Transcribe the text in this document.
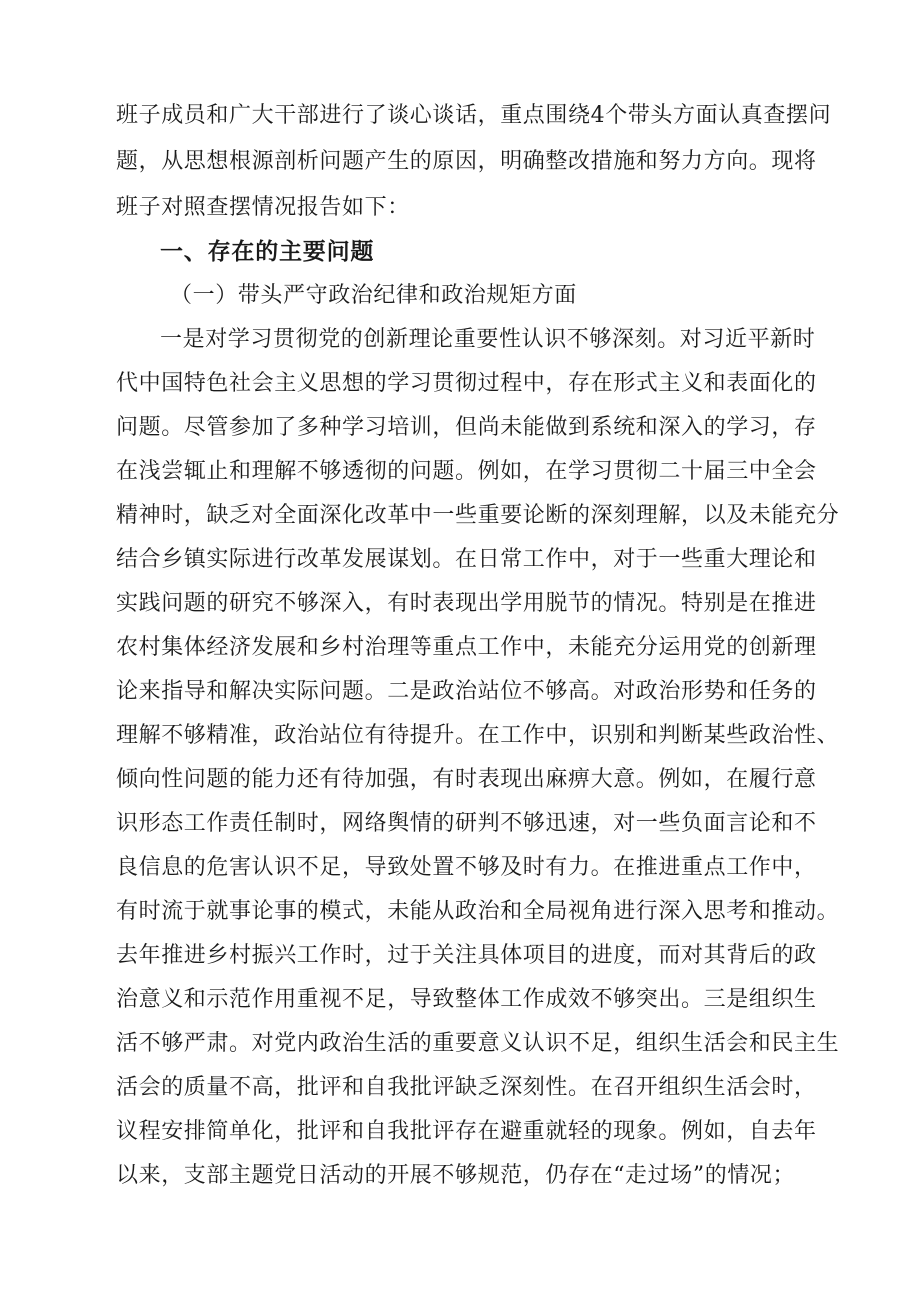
班子成员和广大干部进行了谈心谈话，重点围绕4个带头方面认真查摆问
题，从思想根源剖析问题产生的原因，明确整改措施和努力方向。现将
班子对照查摆情况报告如下：
一、存在的主要问题
（一）带头严守政治纪律和政治规矩方面
一是对学习贯彻党的创新理论重要性认识不够深刻。对习近平新时
代中国特色社会主义思想的学习贯彻过程中，存在形式主义和表面化的
问题。尽管参加了多种学习培训，但尚未能做到系统和深入的学习，存
在浅尝辄止和理解不够透彻的问题。例如，在学习贯彻二十届三中全会
精神时，缺乏对全面深化改革中一些重要论断的深刻理解，以及未能充分
结合乡镇实际进行改革发展谋划。在日常工作中，对于一些重大理论和
实践问题的研究不够深入，有时表现出学用脱节的情况。特别是在推进
农村集体经济发展和乡村治理等重点工作中，未能充分运用党的创新理
论来指导和解决实际问题。二是政治站位不够高。对政治形势和任务的
理解不够精准，政治站位有待提升。在工作中，识别和判断某些政治性、
倾向性问题的能力还有待加强，有时表现出麻痹大意。例如，在履行意
识形态工作责任制时，网络舆情的研判不够迅速，对一些负面言论和不
良信息的危害认识不足，导致处置不够及时有力。在推进重点工作中，
有时流于就事论事的模式，未能从政治和全局视角进行深入思考和推动。
去年推进乡村振兴工作时，过于关注具体项目的进度，而对其背后的政
治意义和示范作用重视不足，导致整体工作成效不够突出。三是组织生
活不够严肃。对党内政治生活的重要意义认识不足，组织生活会和民主生
活会的质量不高，批评和自我批评缺乏深刻性。在召开组织生活会时，
议程安排简单化，批评和自我批评存在避重就轻的现象。例如，自去年
以来，支部主题党日活动的开展不够规范，仍存在“走过场”的情况；
